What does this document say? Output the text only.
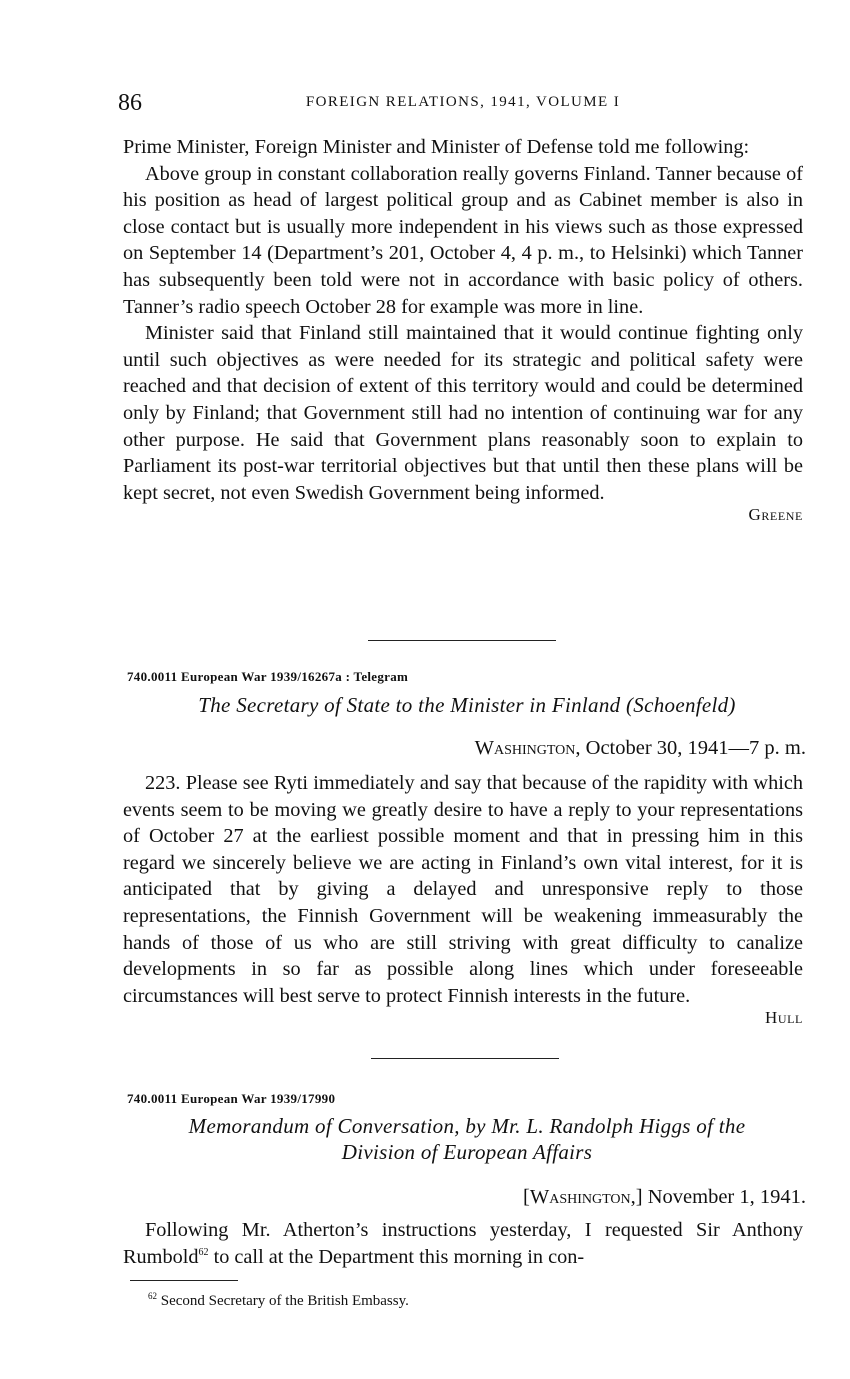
86	FOREIGN RELATIONS, 1941, VOLUME I

Prime Minister, Foreign Minister and Minister of Defense told me following:

Above group in constant collaboration really governs Finland. Tanner because of his position as head of largest political group and as Cabinet member is also in close contact but is usually more independent in his views such as those expressed on September 14 (Department’s 201, October 4, 4 p. m., to Helsinki) which Tanner has subsequently been told were not in accordance with basic policy of others. Tanner’s radio speech October 28 for example was more in line.

Minister said that Finland still maintained that it would continue fighting only until such objectives as were needed for its strategic and political safety were reached and that decision of extent of this territory would and could be determined only by Finland; that Government still had no intention of continuing war for any other purpose. He said that Government plans reasonably soon to explain to Parliament its post-war territorial objectives but that until then these plans will be kept secret, not even Swedish Government being informed.

Greene
740.0011 European War 1939/16267a : Telegram
The Secretary of State to the Minister in Finland (Schoenfeld)
Washington, October 30, 1941—7 p. m.

223. Please see Ryti immediately and say that because of the rapidity with which events seem to be moving we greatly desire to have a reply to your representations of October 27 at the earliest possible moment and that in pressing him in this regard we sincerely believe we are acting in Finland’s own vital interest, for it is anticipated that by giving a delayed and unresponsive reply to those representations, the Finnish Government will be weakening immeasurably the hands of those of us who are still striving with great difficulty to canalize developments in so far as possible along lines which under foreseeable circumstances will best serve to protect Finnish interests in the future.

Hull
740.0011 European War 1939/17990
Memorandum of Conversation, by Mr. L. Randolph Higgs of the
Division of European Affairs
[Washington,] November 1, 1941.

Following Mr. Atherton’s instructions yesterday, I requested Sir Anthony Rumbold$^{62}$ to call at the Department this morning in con-

$^{62}$ Second Secretary of the British Embassy.
